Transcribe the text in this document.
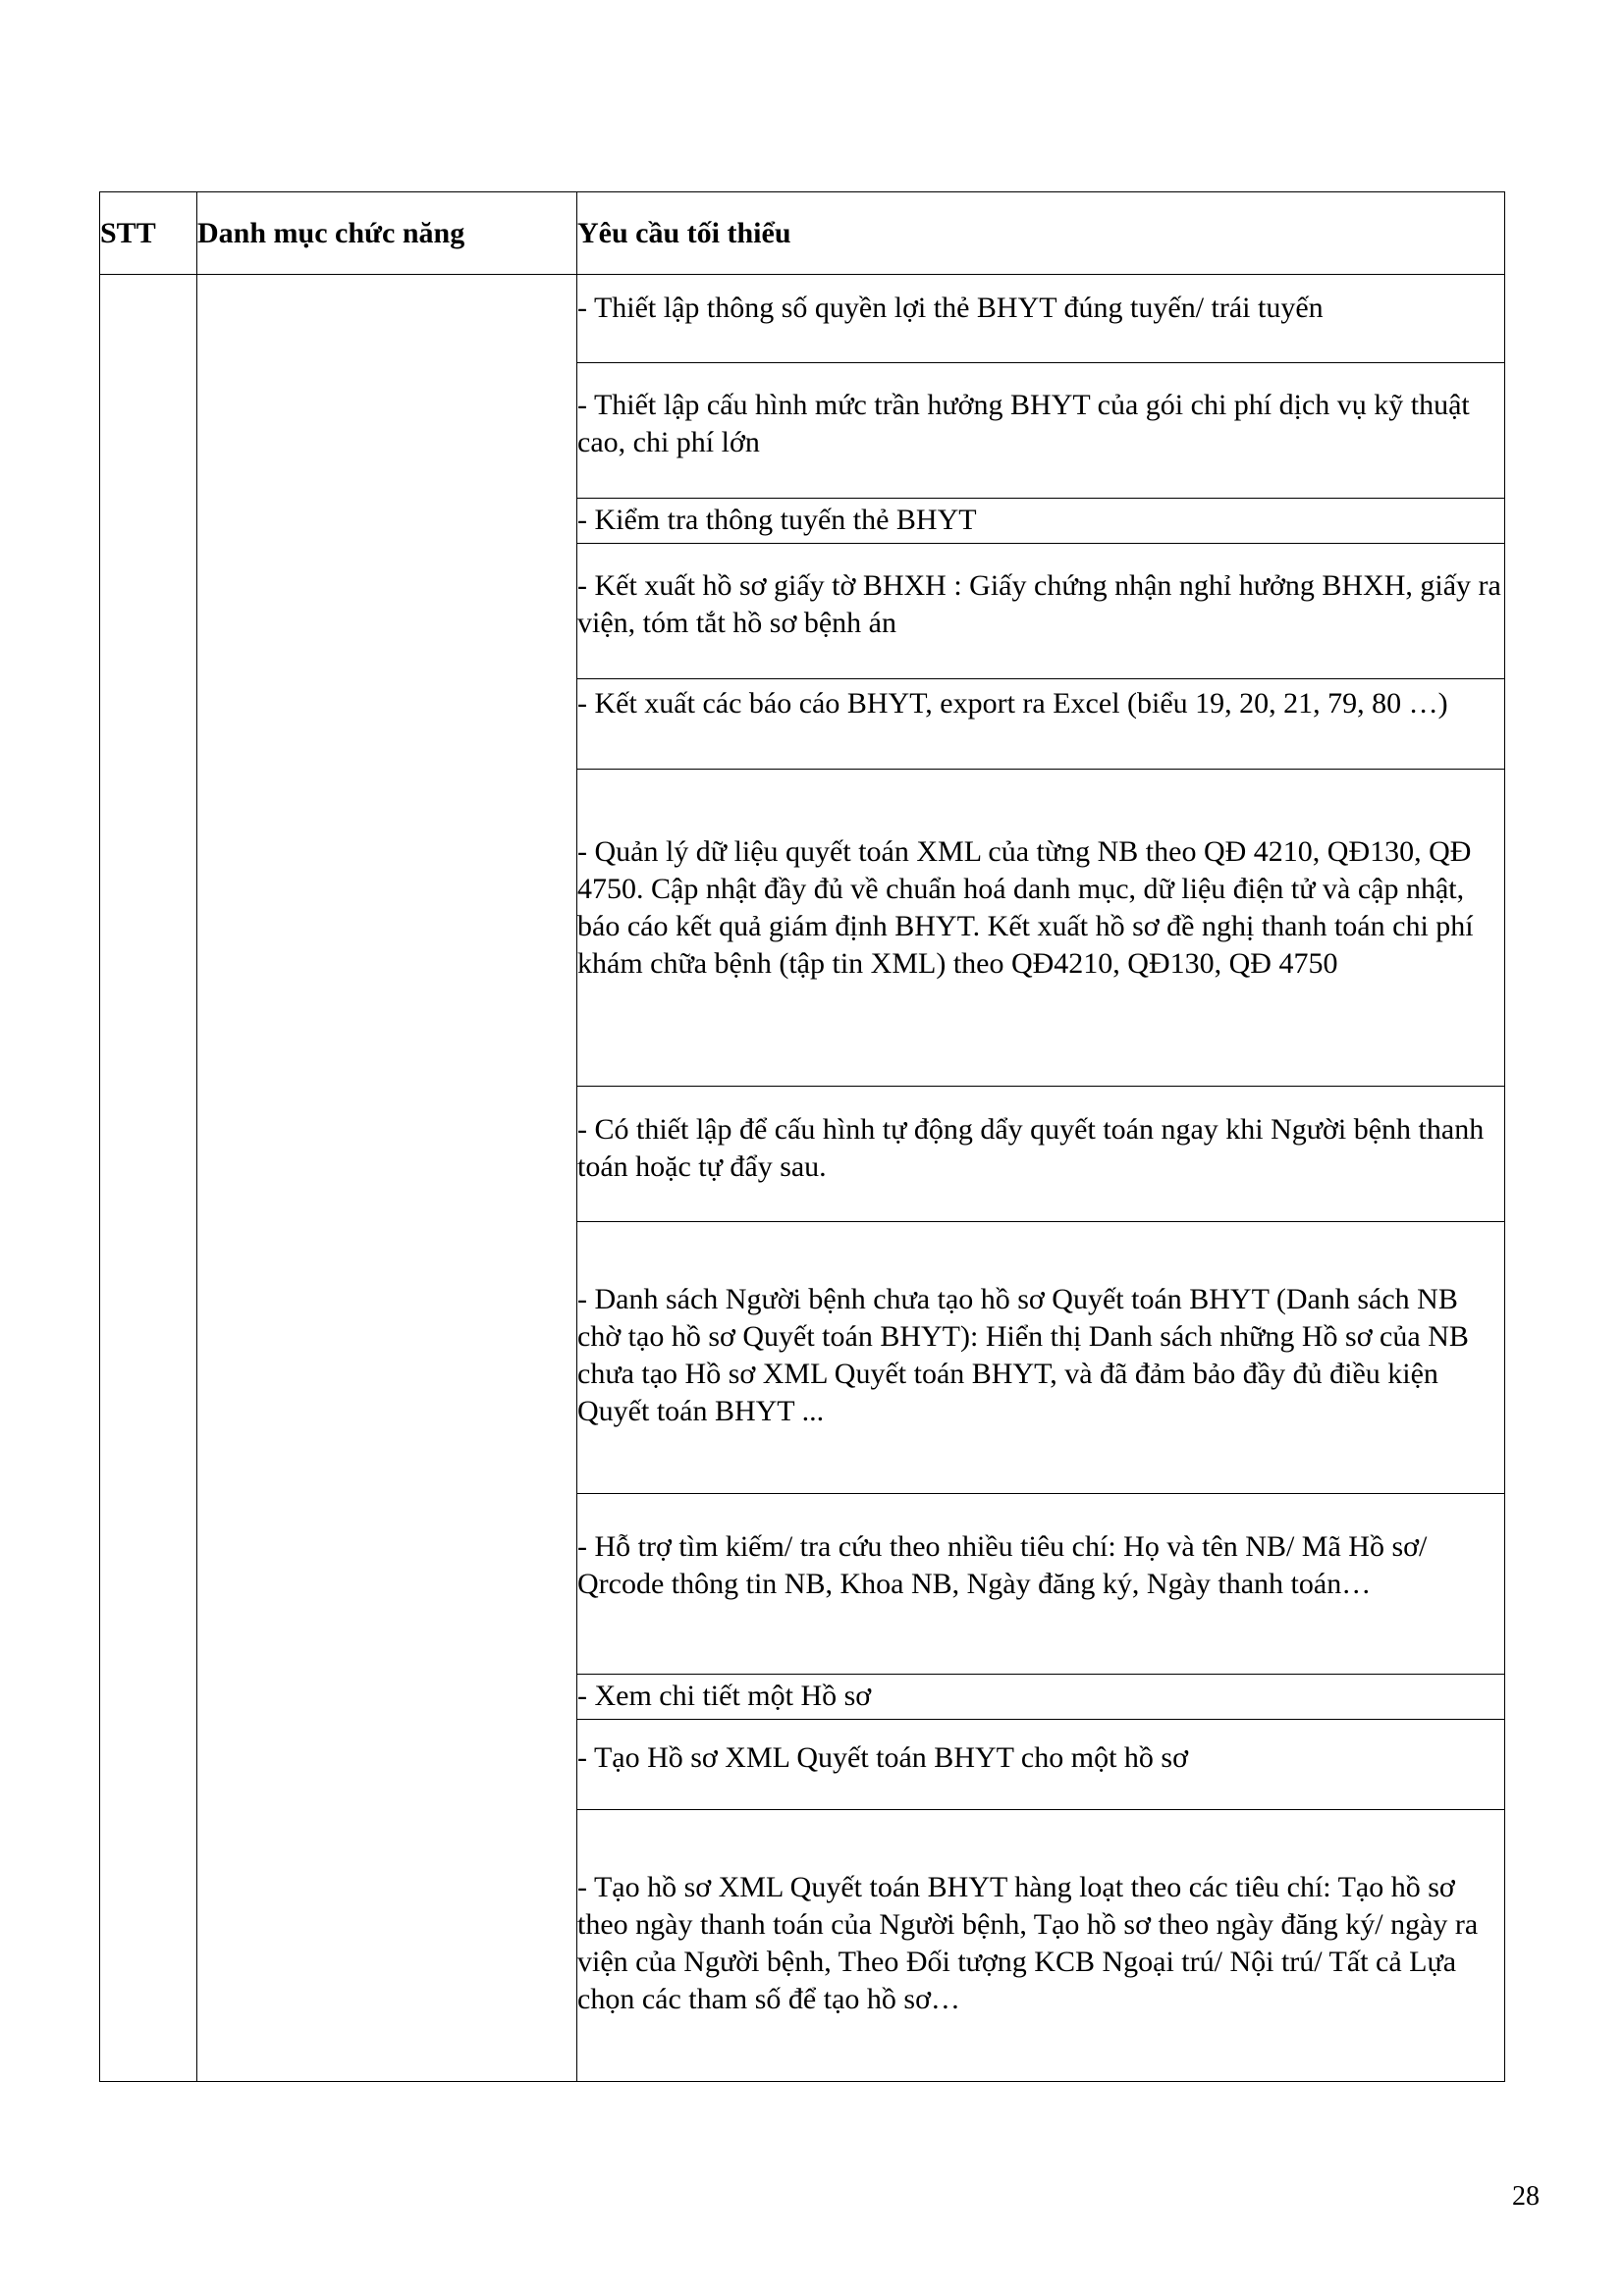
STT	Danh mục chức năng	Yêu cầu tối thiểu

		- Thiết lập thông số quyền lợi thẻ BHYT đúng tuyến/ trái tuyến

		- Thiết lập cấu hình mức trần hưởng BHYT của gói chi phí dịch vụ kỹ thuật cao, chi phí lớn

		- Kiểm tra thông tuyến thẻ BHYT

		- Kết xuất hồ sơ giấy tờ BHXH : Giấy chứng nhận nghỉ hưởng BHXH, giấy ra viện, tóm tắt hồ sơ bệnh án

		- Kết xuất các báo cáo BHYT, export ra Excel (biểu 19, 20, 21, 79, 80 …)

		- Quản lý dữ liệu quyết toán XML của từng NB theo QĐ 4210, QĐ130, QĐ 4750. Cập nhật đầy đủ về chuẩn hoá danh mục, dữ liệu điện tử và cập nhật, báo cáo kết quả giám định BHYT. Kết xuất hồ sơ đề nghị thanh toán chi phí khám chữa bệnh (tập tin XML) theo QĐ4210, QĐ130, QĐ 4750

		- Có thiết lập để cấu hình tự động dẩy quyết toán ngay khi Người bệnh thanh toán hoặc tự đẩy sau.

		- Danh sách Người bệnh chưa tạo hồ sơ Quyết toán BHYT (Danh sách NB chờ tạo hồ sơ Quyết toán BHYT): Hiển thị Danh sách những Hồ sơ của NB chưa tạo Hồ sơ XML Quyết toán BHYT, và đã đảm bảo đầy đủ điều kiện Quyết toán BHYT ...

		- Hỗ trợ tìm kiếm/ tra cứu theo nhiều tiêu chí: Họ và tên NB/ Mã Hồ sơ/ Qrcode thông tin NB, Khoa NB, Ngày đăng ký, Ngày thanh toán…

		- Xem chi tiết một Hồ sơ

		- Tạo Hồ sơ XML Quyết toán BHYT cho một hồ sơ

		- Tạo hồ sơ XML Quyết toán BHYT hàng loạt theo các tiêu chí: Tạo hồ sơ theo ngày thanh toán của Người bệnh, Tạo hồ sơ theo ngày đăng ký/ ngày ra viện của Người bệnh, Theo Đối tượng KCB Ngoại trú/ Nội trú/ Tất cả Lựa chọn các tham số để tạo hồ sơ…
28
